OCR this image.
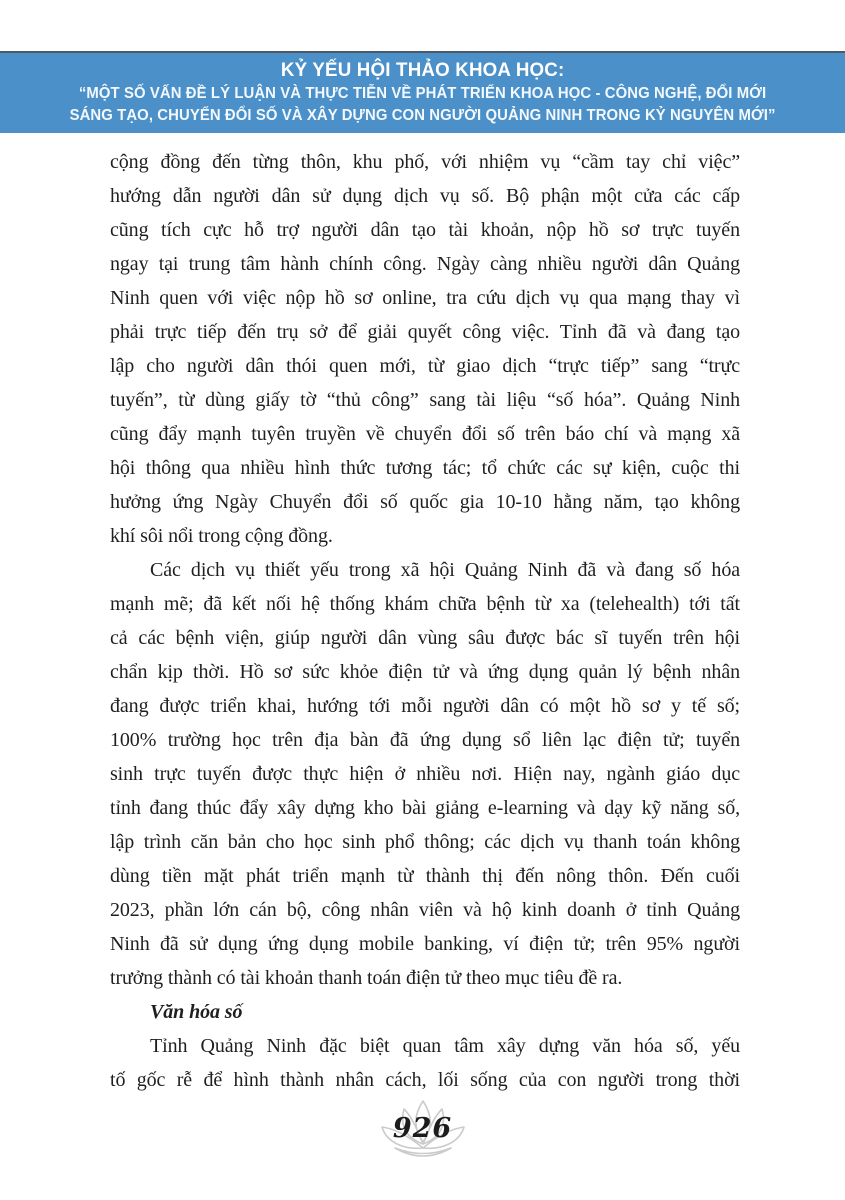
KỶ YẾU HỘI THẢO KHOA HỌC:
“MỘT SỐ VẤN ĐỀ LÝ LUẬN VÀ THỰC TIỄN VỀ PHÁT TRIỂN KHOA HỌC - CÔNG NGHỆ, ĐỔI MỚI
SÁNG TẠO, CHUYỂN ĐỔI SỐ VÀ XÂY DỰNG CON NGƯỜI QUẢNG NINH TRONG KỶ NGUYÊN MỚI”
cộng đồng đến từng thôn, khu phố, với nhiệm vụ “cầm tay chỉ việc”
hướng dẫn người dân sử dụng dịch vụ số. Bộ phận một cửa các cấp
cũng tích cực hỗ trợ người dân tạo tài khoản, nộp hồ sơ trực tuyến
ngay tại trung tâm hành chính công. Ngày càng nhiều người dân Quảng
Ninh quen với việc nộp hồ sơ online, tra cứu dịch vụ qua mạng thay vì
phải trực tiếp đến trụ sở để giải quyết công việc. Tỉnh đã và đang tạo
lập cho người dân thói quen mới, từ giao dịch “trực tiếp” sang “trực
tuyến”, từ dùng giấy tờ “thủ công” sang tài liệu “số hóa”. Quảng Ninh
cũng đẩy mạnh tuyên truyền về chuyển đổi số trên báo chí và mạng xã
hội thông qua nhiều hình thức tương tác; tổ chức các sự kiện, cuộc thi
hưởng ứng Ngày Chuyển đổi số quốc gia 10-10 hằng năm, tạo không
khí sôi nổi trong cộng đồng.
Các dịch vụ thiết yếu trong xã hội Quảng Ninh đã và đang số hóa
mạnh mẽ; đã kết nối hệ thống khám chữa bệnh từ xa (telehealth) tới tất
cả các bệnh viện, giúp người dân vùng sâu được bác sĩ tuyến trên hội
chẩn kịp thời. Hồ sơ sức khỏe điện tử và ứng dụng quản lý bệnh nhân
đang được triển khai, hướng tới mỗi người dân có một hồ sơ y tế số;
100% trường học trên địa bàn đã ứng dụng sổ liên lạc điện tử; tuyển
sinh trực tuyến được thực hiện ở nhiều nơi. Hiện nay, ngành giáo dục
tỉnh đang thúc đẩy xây dựng kho bài giảng e-learning và dạy kỹ năng số,
lập trình căn bản cho học sinh phổ thông; các dịch vụ thanh toán không
dùng tiền mặt phát triển mạnh từ thành thị đến nông thôn. Đến cuối
2023, phần lớn cán bộ, công nhân viên và hộ kinh doanh ở tỉnh Quảng
Ninh đã sử dụng ứng dụng mobile banking, ví điện tử; trên 95% người
trưởng thành có tài khoản thanh toán điện tử theo mục tiêu đề ra.
Văn hóa số
Tỉnh Quảng Ninh đặc biệt quan tâm xây dựng văn hóa số, yếu
tố gốc rễ để hình thành nhân cách, lối sống của con người trong thời
926
